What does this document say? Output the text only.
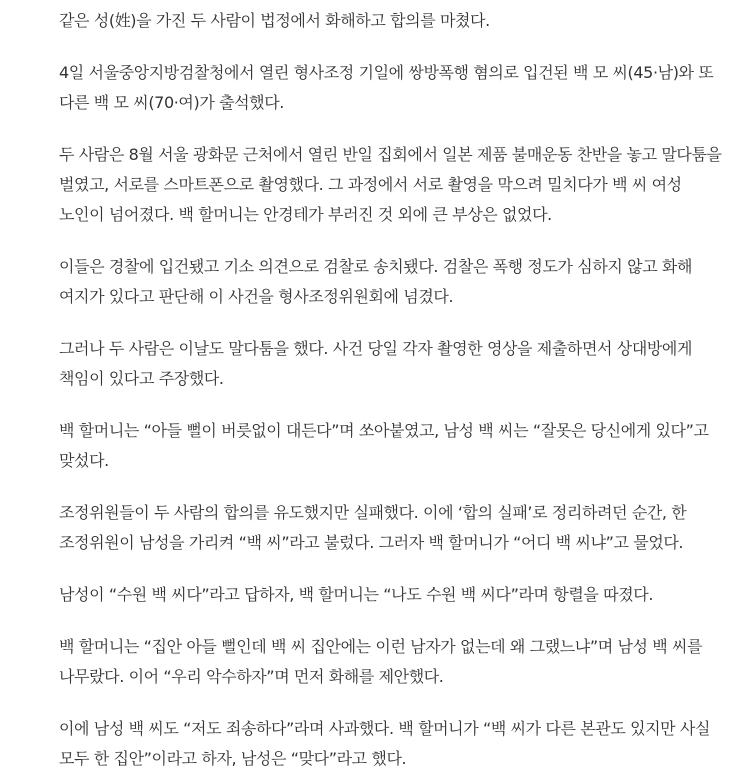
같은 성(姓)을 가진 두 사람이 법정에서 화해하고 합의를 마쳤다.

4일 서울중앙지방검찰청에서 열린 형사조정 기일에 쌍방폭행 혐의로 입건된 백 모 씨(45·남)와 또 다른 백 모 씨(70·여)가 출석했다.

두 사람은 8월 서울 광화문 근처에서 열린 반일 집회에서 일본 제품 불매운동 찬반을 놓고 말다툼을 벌였고, 서로를 스마트폰으로 촬영했다. 그 과정에서 서로 촬영을 막으려 밀치다가 백 씨 여성 노인이 넘어졌다. 백 할머니는 안경테가 부러진 것 외에 큰 부상은 없었다.

이들은 경찰에 입건됐고 기소 의견으로 검찰로 송치됐다. 검찰은 폭행 정도가 심하지 않고 화해 여지가 있다고 판단해 이 사건을 형사조정위원회에 넘겼다.

그러나 두 사람은 이날도 말다툼을 했다. 사건 당일 각자 촬영한 영상을 제출하면서 상대방에게 책임이 있다고 주장했다.

백 할머니는 “아들 뻘이 버릇없이 대든다”며 쏘아붙였고, 남성 백 씨는 “잘못은 당신에게 있다”고 맞섰다.

조정위원들이 두 사람의 합의를 유도했지만 실패했다. 이에 ‘합의 실패’로 정리하려던 순간, 한 조정위원이 남성을 가리켜 “백 씨”라고 불렀다. 그러자 백 할머니가 “어디 백 씨냐”고 물었다.

남성이 “수원 백 씨다”라고 답하자, 백 할머니는 “나도 수원 백 씨다”라며 항렬을 따졌다.

백 할머니는 “집안 아들 뻘인데 백 씨 집안에는 이런 남자가 없는데 왜 그랬느냐”며 남성 백 씨를 나무랐다. 이어 “우리 악수하자”며 먼저 화해를 제안했다.

이에 남성 백 씨도 “저도 죄송하다”라며 사과했다. 백 할머니가 “백 씨가 다른 본관도 있지만 사실 모두 한 집안”이라고 하자, 남성은 “맞다”라고 했다.
